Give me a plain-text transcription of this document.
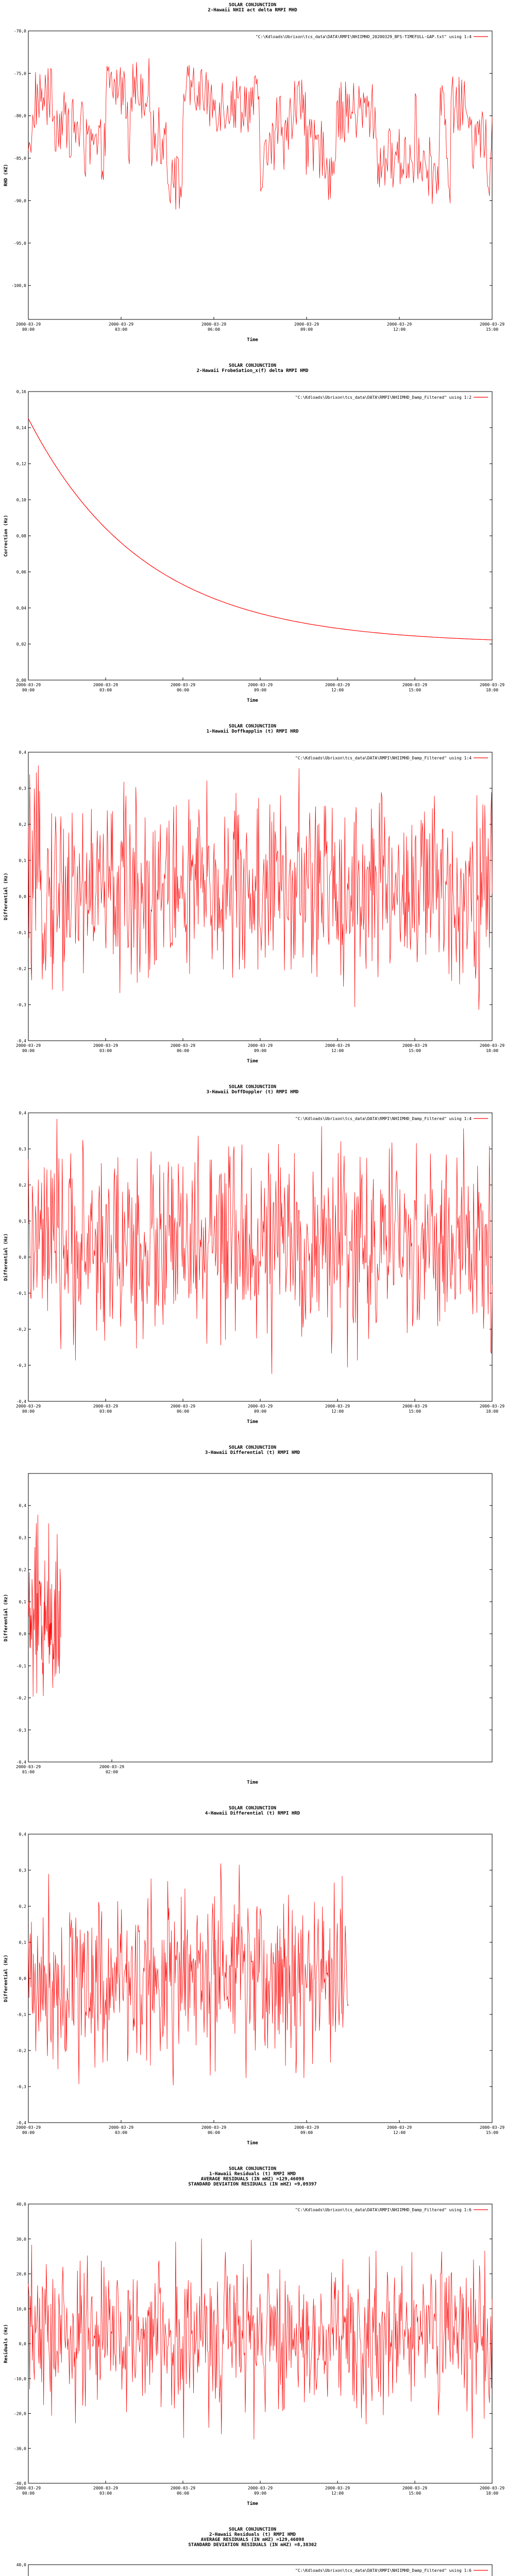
SOLAR CONJUNCTION
2-Hawaii NHII act delta RMPI MHD
"C:\Kdloads\Ubrixon\tcs_data\DATA\RMPI\NHIIMHD_20200329_BFS-TIMEFULL-GAP.txt" using 1:4
-70,0
-75,0
-80,0
-85,0
-90,0
-95,0
-100,0
2000-03-29
00:00
2000-03-29
03:00
2000-03-29
06:00
2000-03-29
09:00
2000-03-29
12:00
2000-03-29
15:00
Time
RHD (HZ)
SOLAR CONJUNCTION
2-Hawaii FrobeSation_x(f) delta RMPI HMD
"C:\Kdloads\Ubrixon\tcs_data\DATA\RMPI\NHIIMHD_Damp_Filtered" using 1:2
0,16
0,14
0,12
0,10
0,08
0,06
0,04
0,02
0,00
2000-03-29
00:00
2000-03-29
03:00
2000-03-29
06:00
2000-03-29
09:00
2000-03-29
12:00
2000-03-29
15:00
2000-03-29
18:00
Time
Correction (Hz)
SOLAR CONJUNCTION
1-Hawaii Doffkapplin (t) RMPI HRD
"C:\Kdloads\Ubrixon\tcs_data\DATA\RMPI\NHIIMHD_Damp_Filtered" using 1:4
0,4
0,3
0,2
0,1
0,0
-0,1
-0,2
-0,3
-0,4
2000-03-29
00:00
2000-03-29
03:00
2000-03-29
06:00
2000-03-29
09:00
2000-03-29
12:00
2000-03-29
15:00
2000-03-29
18:00
Time
Differential (Hz)
SOLAR CONJUNCTION
3-Hawaii DoffDoppler (t) RMPI HMD
"C:\Kdloads\Ubrixon\tcs_data\DATA\RMPI\NHIIMHD_Damp_Filtered" using 1:4
0,4
0,3
0,2
0,1
0,0
-0,1
-0,2
-0,3
-0,4
2000-03-29
00:00
2000-03-29
03:00
2000-03-29
06:00
2000-03-29
09:00
2000-03-29
12:00
2000-03-29
15:00
2000-03-29
18:00
Time
Differential (Hz)
SOLAR CONJUNCTION
3-Hawaii Differential (t) RMPI HMD
0,4
0,3
0,2
0,1
0,0
-0,1
-0,2
-0,3
-0,4
2000-03-29
01:00
2000-03-29
02:00
Time
Differential (Hz)
SOLAR CONJUNCTION
4-Hawaii Differential (t) RMPI HRD
0,4
0,3
0,2
0,1
0,0
-0,1
-0,2
-0,3
-0,4
2000-03-29
00:00
2000-03-29
03:00
2000-03-29
06:00
2000-03-29
09:00
2000-03-29
12:00
2000-03-29
15:00
Time
Differential (Hz)
SOLAR CONJUNCTION
1-Hawaii Residuals (t) RMPI HMD
AVERAGE RESIDUALS (IN mHZ) =129,46098
STANDARD DEVIATION RESIDUALS (IN mHZ) =9,09397
"C:\Kdloads\Ubrixon\tcs_data\DATA\RMPI\NHIIMHD_Damp_Filtered" using 1:6
40,0
30,0
20,0
10,0
0,0
-10,0
-20,0
-30,0
-40,0
2000-03-29
00:00
2000-03-29
03:00
2000-03-29
06:00
2000-03-29
09:00
2000-03-29
12:00
2000-03-29
15:00
2000-03-29
18:00
Time
Residuals (Hz)
SOLAR CONJUNCTION
2-Hawaii Residuals (t) RMPI HMD
AVERAGE RESIDUALS (IN mHZ) =129,46098
STANDARD DEVIATION RESIDUALS (IN mHZ) =8,38302
"C:\Kdloads\Ubrixon\tcs_data\DATA\RMPI\NHIIMHD_Damp_Filtered" using 1:6
40,0
